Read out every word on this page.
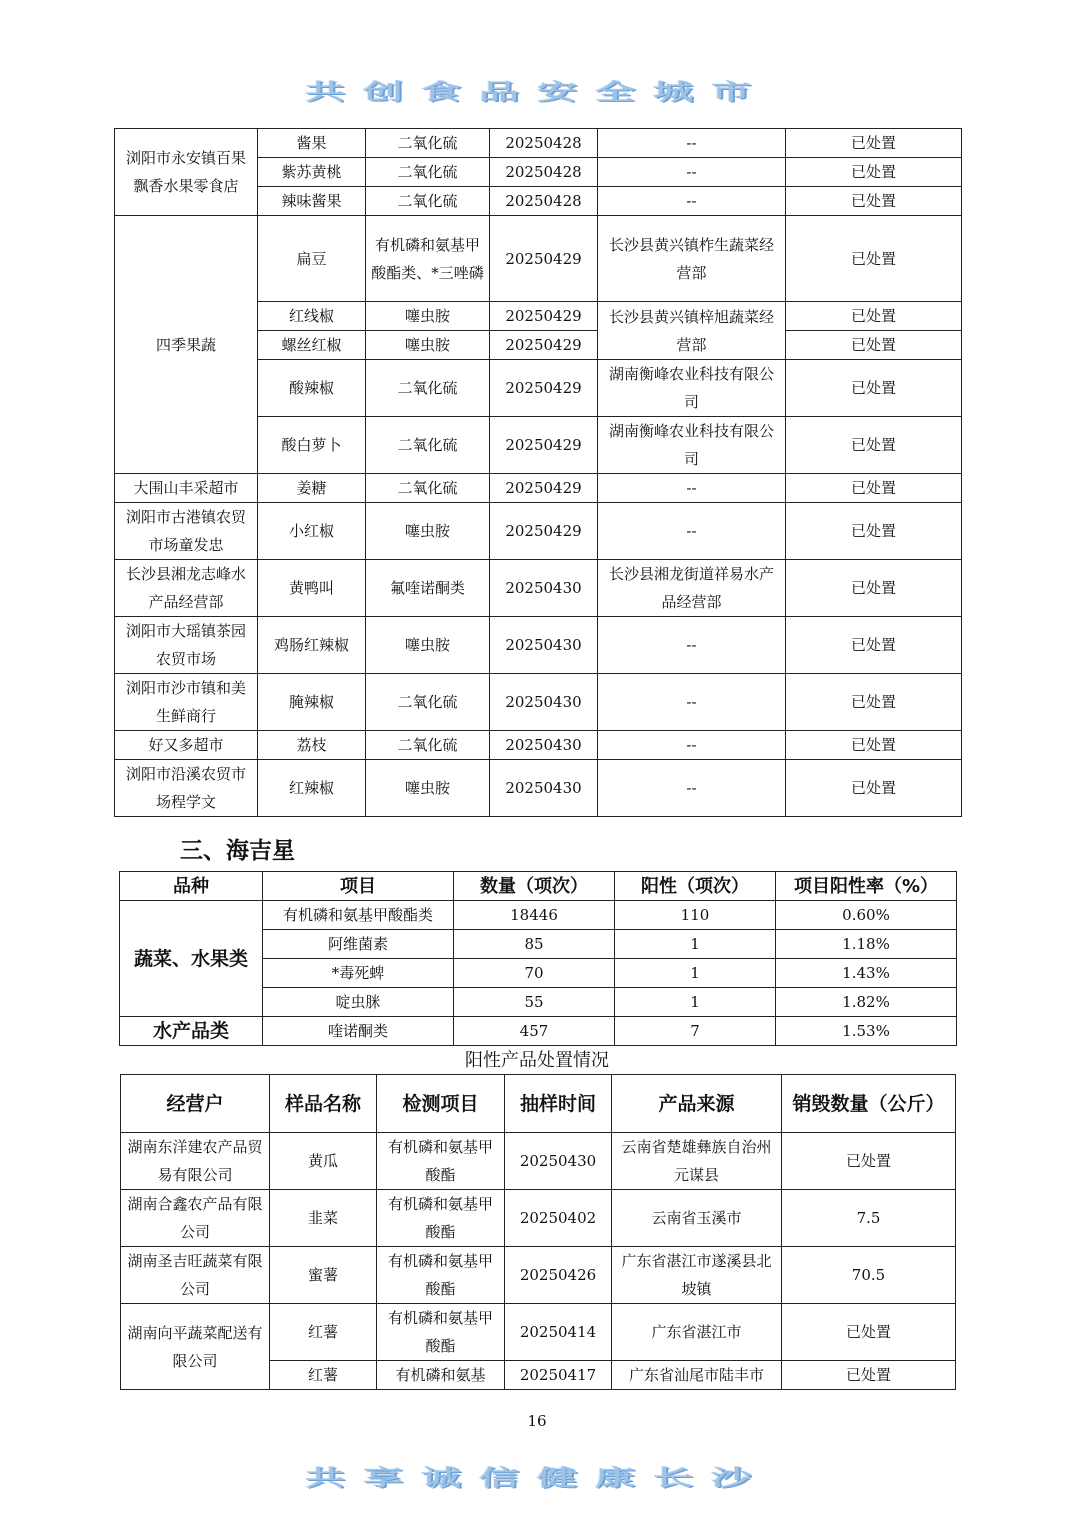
共创食品安全城市
浏阳市永安镇百果飘香水果零食店	酱果	二氧化硫	20250428	--	已处置
	紫苏黄桃	二氧化硫	20250428	--	已处置
	辣味酱果	二氧化硫	20250428	--	已处置
四季果蔬	扁豆	有机磷和氨基甲酸酯类、*三唑磷	20250429	长沙县黄兴镇柞生蔬菜经营部	已处置
	红线椒	噻虫胺	20250429	长沙县黄兴镇梓旭蔬菜经营部	已处置
	螺丝红椒	噻虫胺	20250429		已处置
	酸辣椒	二氧化硫	20250429	湖南衡峰农业科技有限公司	已处置
	酸白萝卜	二氧化硫	20250429	湖南衡峰农业科技有限公司	已处置
大围山丰采超市	姜糖	二氧化硫	20250429	--	已处置
浏阳市古港镇农贸市场童发忠	小红椒	噻虫胺	20250429	--	已处置
长沙县湘龙志峰水产品经营部	黄鸭叫	氟喹诺酮类	20250430	长沙县湘龙街道祥易水产品经营部	已处置
浏阳市大瑶镇茶园农贸市场	鸡肠红辣椒	噻虫胺	20250430	--	已处置
浏阳市沙市镇和美生鲜商行	腌辣椒	二氧化硫	20250430	--	已处置
好又多超市	荔枝	二氧化硫	20250430	--	已处置
浏阳市沿溪农贸市场程学文	红辣椒	噻虫胺	20250430	--	已处置
三、海吉星
品种	项目	数量（项次）	阳性（项次）	项目阳性率（%）
蔬菜、水果类	有机磷和氨基甲酸酯类	18446	110	0.60%
	阿维菌素	85	1	1.18%
	*毒死蜱	70	1	1.43%
	啶虫脒	55	1	1.82%
水产品类	喹诺酮类	457	7	1.53%
阳性产品处置情况
经营户	样品名称	检测项目	抽样时间	产品来源	销毁数量（公斤）
湖南东洋建农产品贸易有限公司	黄瓜	有机磷和氨基甲酸酯	20250430	云南省楚雄彝族自治州元谋县	已处置
湖南合鑫农产品有限公司	韭菜	有机磷和氨基甲酸酯	20250402	云南省玉溪市	7.5
湖南圣吉旺蔬菜有限公司	蜜薯	有机磷和氨基甲酸酯	20250426	广东省湛江市遂溪县北坡镇	70.5
湖南向平蔬菜配送有限公司	红薯	有机磷和氨基甲酸酯	20250414	广东省湛江市	已处置
	红薯	有机磷和氨基	20250417	广东省汕尾市陆丰市	已处置
16
共享诚信健康长沙
